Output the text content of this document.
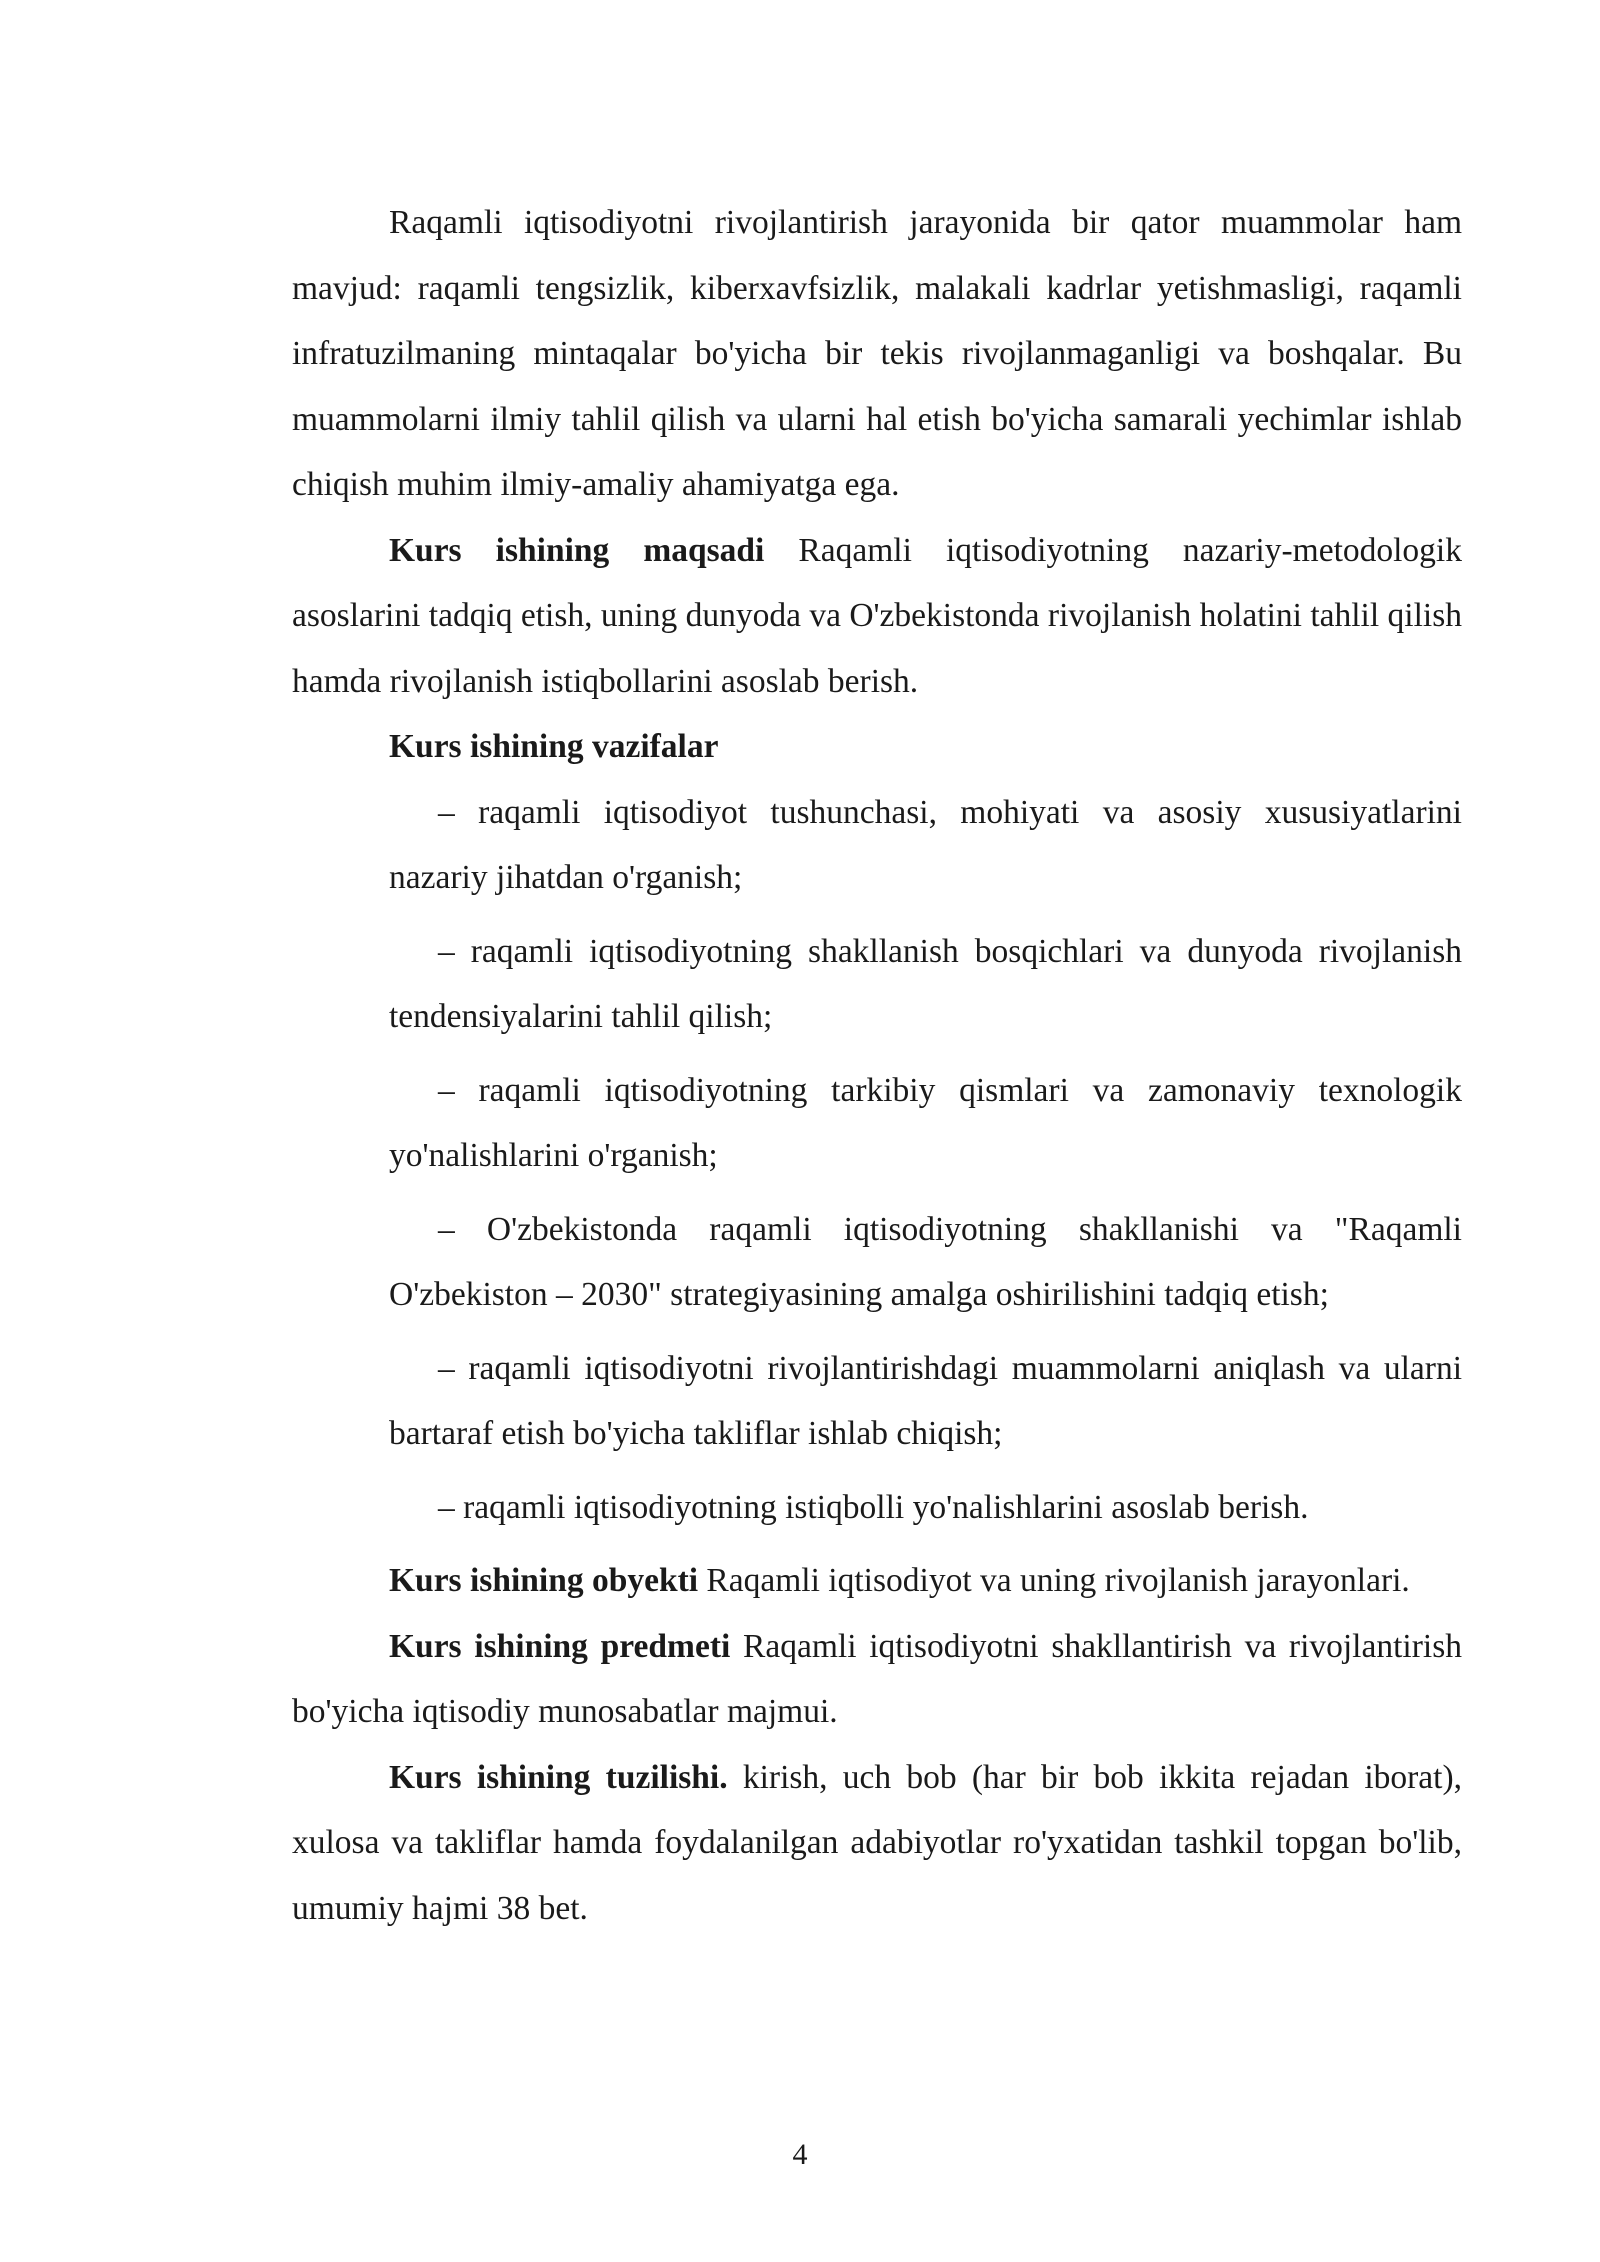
Raqamli iqtisodiyotni rivojlantirish jarayonida bir qator muammolar ham mavjud: raqamli tengsizlik, kiberxavfsizlik, malakali kadrlar yetishmasligi, raqamli infratuzilmaning mintaqalar bo'yicha bir tekis rivojlanmaganligi va boshqalar. Bu muammolarni ilmiy tahlil qilish va ularni hal etish bo'yicha samarali yechimlar ishlab chiqish muhim ilmiy-amaliy ahamiyatga ega.

Kurs ishining maqsadi Raqamli iqtisodiyotning nazariy-metodologik asoslarini tadqiq etish, uning dunyoda va O'zbekistonda rivojlanish holatini tahlil qilish hamda rivojlanish istiqbollarini asoslab berish.

Kurs ishining vazifalar
– raqamli iqtisodiyot tushunchasi, mohiyati va asosiy xususiyatlarini nazariy jihatdan o'rganish;
– raqamli iqtisodiyotning shakllanish bosqichlari va dunyoda rivojlanish tendensiyalarini tahlil qilish;
– raqamli iqtisodiyotning tarkibiy qismlari va zamonaviy texnologik yo'nalishlarini o'rganish;
– O'zbekistonda raqamli iqtisodiyotning shakllanishi va "Raqamli O'zbekiston – 2030" strategiyasining amalga oshirilishini tadqiq etish;
– raqamli iqtisodiyotni rivojlantirishdagi muammolarni aniqlash va ularni bartaraf etish bo'yicha takliflar ishlab chiqish;
– raqamli iqtisodiyotning istiqbolli yo'nalishlarini asoslab berish.

Kurs ishining obyekti Raqamli iqtisodiyot va uning rivojlanish jarayonlari.

Kurs ishining predmeti Raqamli iqtisodiyotni shakllantirish va rivojlantirish bo'yicha iqtisodiy munosabatlar majmui.

Kurs ishining tuzilishi. kirish, uch bob (har bir bob ikkita rejadan iborat), xulosa va takliflar hamda foydalanilgan adabiyotlar ro'yxatidan tashkil topgan bo'lib, umumiy hajmi 38 bet.

4
